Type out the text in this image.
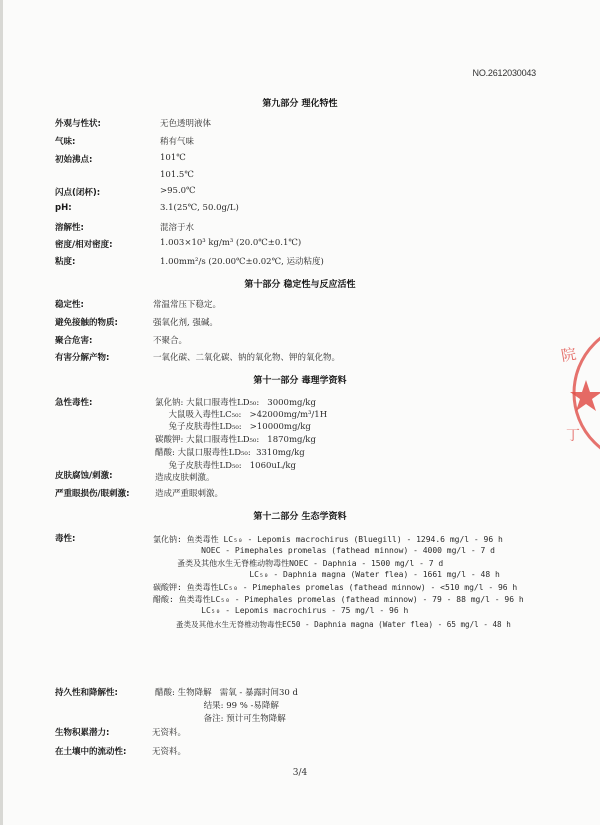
NO.2612030043
第九部分 理化特性
外观与性状:	无色透明液体
气味:	稍有气味
初始沸点:	101℃
101.5℃
闪点(闭杯):	>95.0℃
pH:	3.1(25℃, 50.0g/L)
溶解性:	混溶于水
密度/相对密度:	1.003×10³ kg/m³ (20.0℃±0.1℃)
粘度:	1.00mm²/s (20.00℃±0.02℃, 运动粘度)
第十部分 稳定性与反应活性
稳定性:	常温常压下稳定。
避免接触的物质:	强氧化剂, 强碱。
聚合危害:	不聚合。
有害分解产物:	一氧化碳、二氧化碳、钠的氧化物、钾的氧化物。
第十一部分 毒理学资料
急性毒性:	氯化钠: 大鼠口服毒性LD₅₀:   3000mg/kg
大鼠吸入毒性LC₅₀:   >42000mg/m³/1H
兔子皮肤毒性LD₅₀:   >10000mg/kg
碳酸钾: 大鼠口服毒性LD₅₀:   1870mg/kg
醋酸: 大鼠口服毒性LD₅₀:  3310mg/kg
兔子皮肤毒性LD₅₀:   1060uL/kg
皮肤腐蚀/刺激:	造成皮肤刺激。
严重眼损伤/眼刺激:	造成严重眼刺激。
第十二部分 生态学资料
毒性:	氯化钠: 鱼类毒性 LC₅₀ - Lepomis macrochirus (Bluegill) - 1294.6 mg/l - 96 h
NOEC - Pimephales promelas (fathead minnow) - 4000 mg/l - 7 d
蚤类及其他水生无脊椎动物毒性NOEC - Daphnia - 1500 mg/l - 7 d
LC₅₀ - Daphnia magna (Water flea) - 1661 mg/l - 48 h
碳酸钾: 鱼类毒性LC₅₀ - Pimephales promelas (fathead minnow) - <510 mg/l - 96 h
醋酸: 鱼类毒性LC₅₀ - Pimephales promelas (fathead minnow) - 79 - 88 mg/l - 96 h
LC₅₀ - Lepomis macrochirus - 75 mg/l - 96 h
蚤类及其他水生无脊椎动物毒性EC50 - Daphnia magna (Water flea) - 65 mg/l - 48 h
持久性和降解性:	醋酸: 生物降解   需氧 - 暴露时间30 d
结果: 99 % -易降解
备注: 预计可生物降解
生物积累潜力:	无资料。
在土壤中的流动性:	无资料。
3/4
院
丁
